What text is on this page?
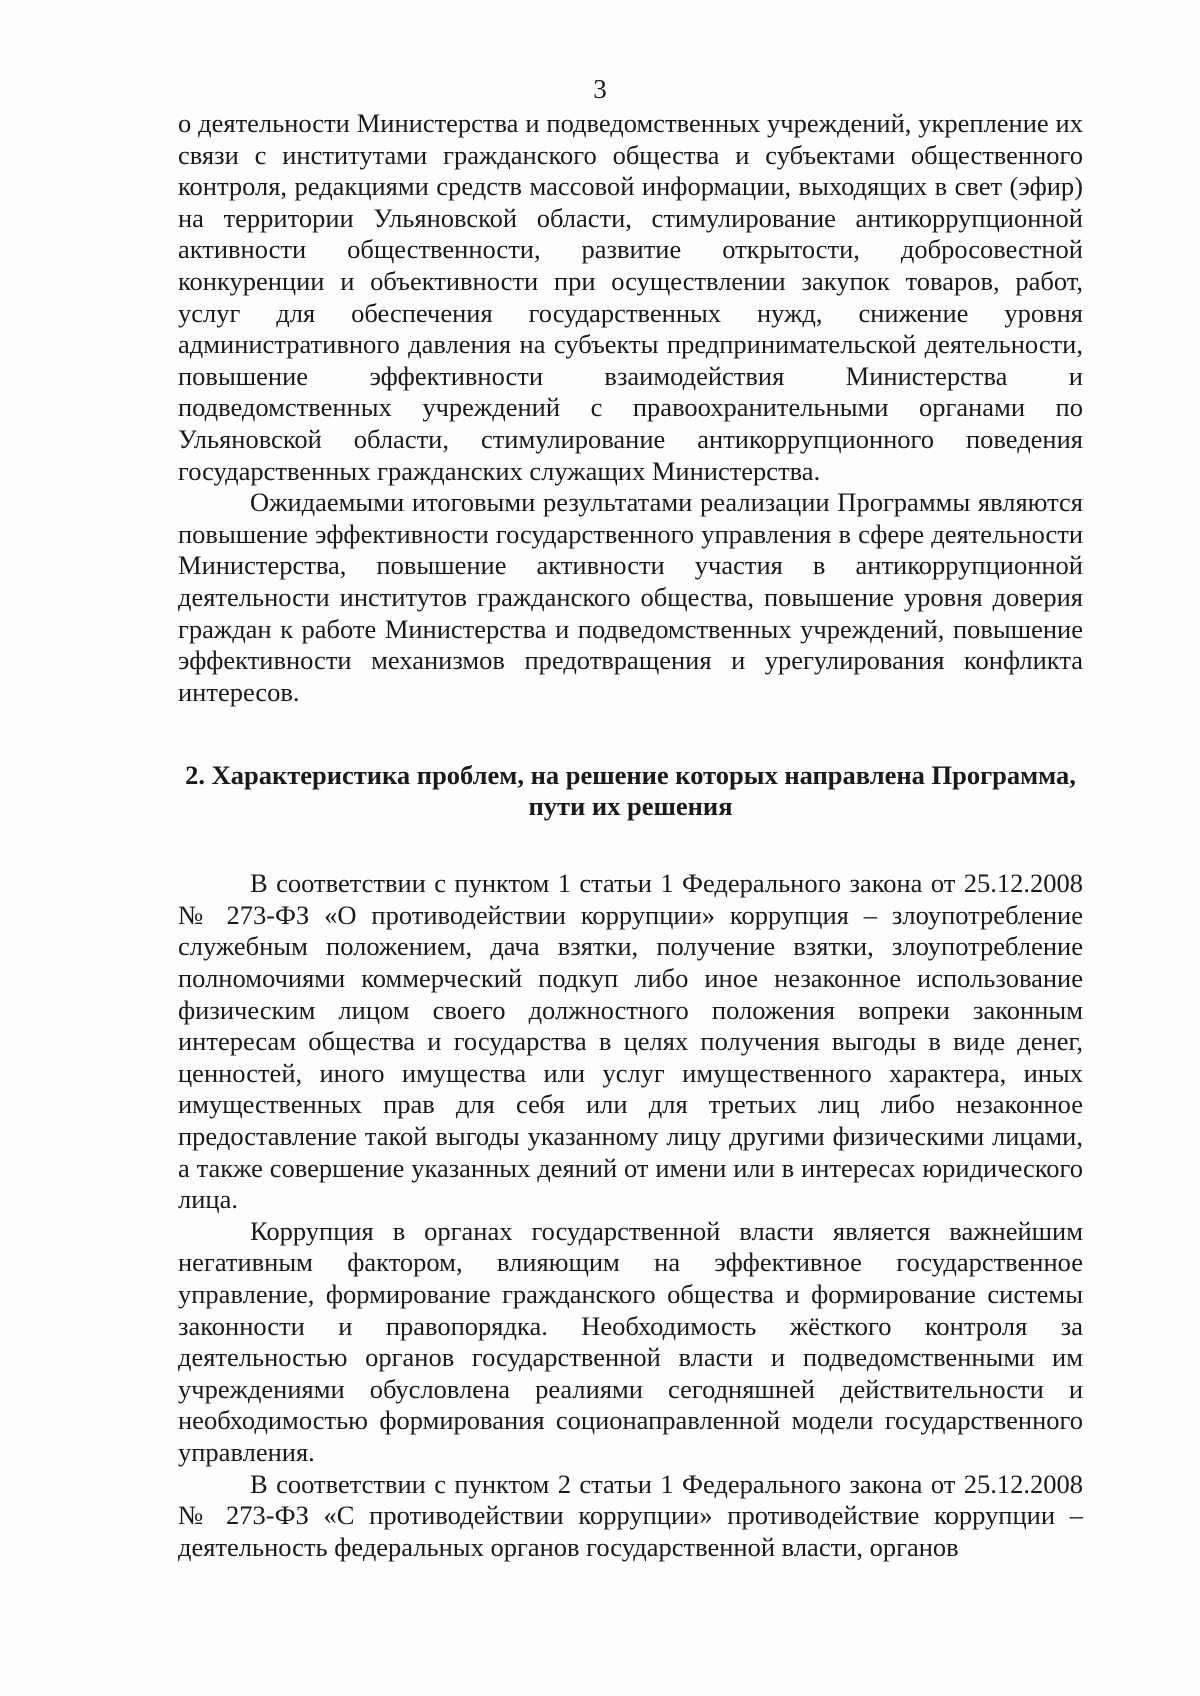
3

о деятельности Министерства и подведомственных учреждений, укрепление их связи с институтами гражданского общества и субъектами общественного контроля, редакциями средств массовой информации, выходящих в свет (эфир) на территории Ульяновской области, стимулирование антикоррупционной активности общественности, развитие открытости, добросовестной конкуренции и объективности при осуществлении закупок товаров, работ, услуг для обеспечения государственных нужд, снижение уровня административного давления на субъекты предпринимательской деятельности, повышение эффективности взаимодействия Министерства и подведомственных учреждений с правоохранительными органами по Ульяновской области, стимулирование антикоррупционного поведения государственных гражданских служащих Министерства.

Ожидаемыми итоговыми результатами реализации Программы являются повышение эффективности государственного управления в сфере деятельности Министерства, повышение активности участия в антикоррупционной деятельности институтов гражданского общества, повышение уровня доверия граждан к работе Министерства и подведомственных учреждений, повышение эффективности механизмов предотвращения и урегулирования конфликта интересов.

2. Характеристика проблем, на решение которых направлена Программа,
пути их решения

В соответствии с пунктом 1 статьи 1 Федерального закона от 25.12.2008 № 273-ФЗ «О противодействии коррупции» коррупция – злоупотребление служебным положением, дача взятки, получение взятки, злоупотребление полномочиями коммерческий подкуп либо иное незаконное использование физическим лицом своего должностного положения вопреки законным интересам общества и государства в целях получения выгоды в виде денег, ценностей, иного имущества или услуг имущественного характера, иных имущественных прав для себя или для третьих лиц либо незаконное предоставление такой выгоды указанному лицу другими физическими лицами, а также совершение указанных деяний от имени или в интересах юридического лица.

Коррупция в органах государственной власти является важнейшим негативным фактором, влияющим на эффективное государственное управление, формирование гражданского общества и формирование системы законности и правопорядка. Необходимость жёсткого контроля за деятельностью органов государственной власти и подведомственными им учреждениями обусловлена реалиями сегодняшней действительности и необходимостью формирования соционаправленной модели государственного управления.

В соответствии с пунктом 2 статьи 1 Федерального закона от 25.12.2008 № 273-ФЗ «С противодействии коррупции» противодействие коррупции – деятельность федеральных органов государственной власти, органов
